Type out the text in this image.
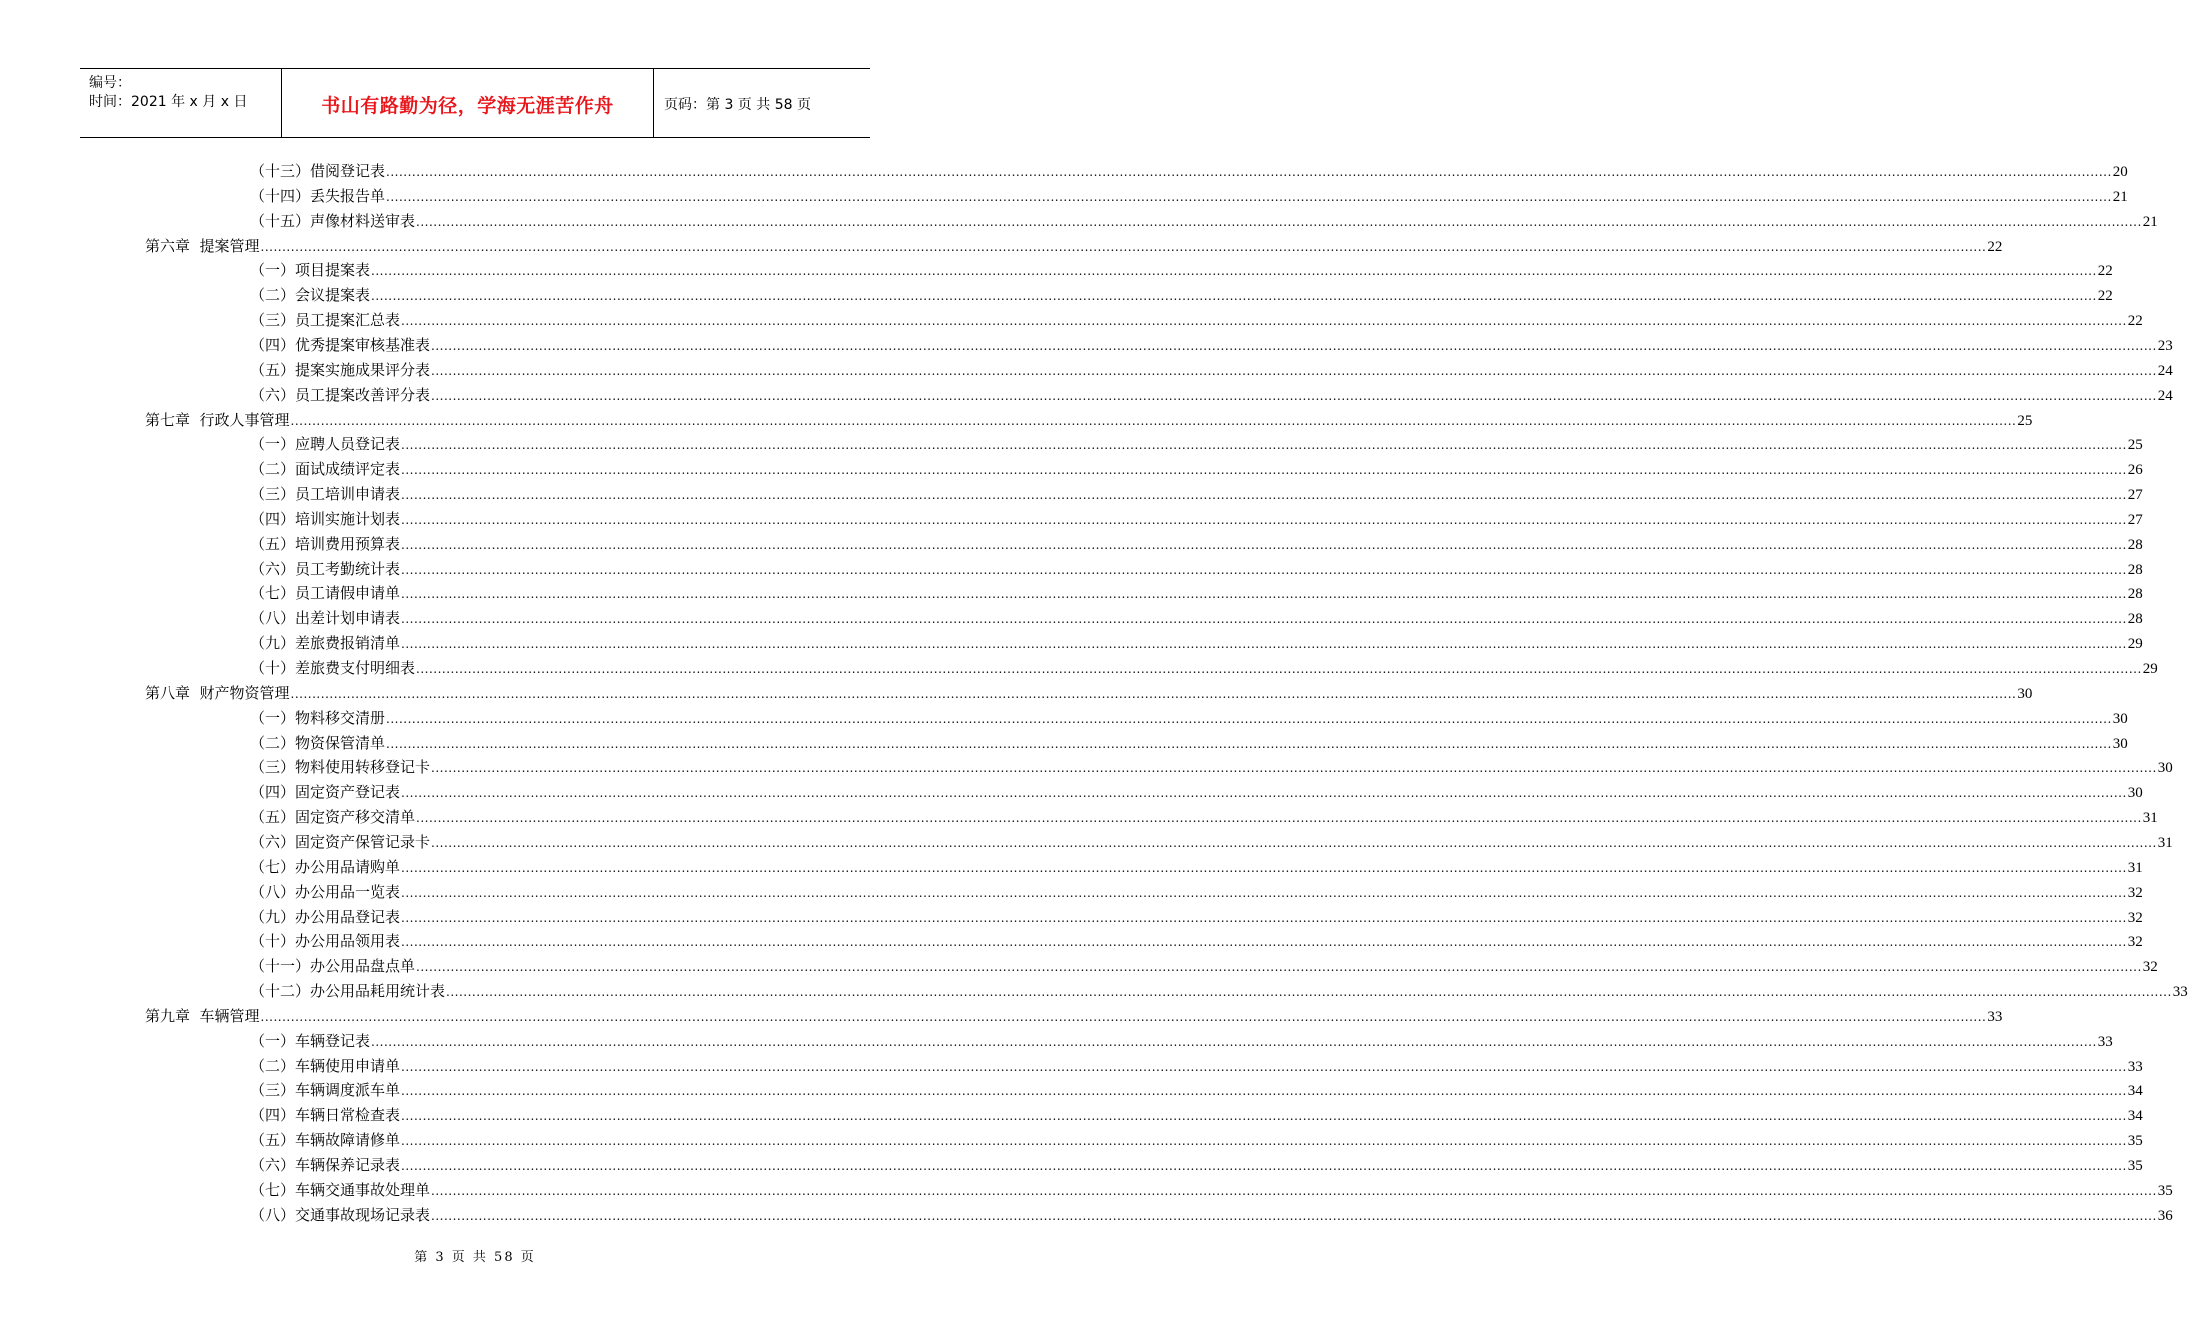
编号：
时间：2021 年 x 月 x 日	书山有路勤为径，学海无涯苦作舟	页码：第 3 页 共 58 页
（十三）借阅登记表 ................................................................................................................................................................................................................................................................................................................................................................................................................ 20
（十四）丢失报告单 ................................................................................................................................................................................................................................................................................................................................................................................................................ 21
（十五）声像材料送审表 ................................................................................................................................................................................................................................................................................................................................................................................................................ 21
第六章  提案管理 ................................................................................................................................................................................................................................................................................................................................................................................................................ 22
（一）项目提案表 ................................................................................................................................................................................................................................................................................................................................................................................................................ 22
（二）会议提案表 ................................................................................................................................................................................................................................................................................................................................................................................................................ 22
（三）员工提案汇总表 ................................................................................................................................................................................................................................................................................................................................................................................................................ 22
（四）优秀提案审核基准表 ................................................................................................................................................................................................................................................................................................................................................................................................................ 23
（五）提案实施成果评分表 ................................................................................................................................................................................................................................................................................................................................................................................................................ 24
（六）员工提案改善评分表 ................................................................................................................................................................................................................................................................................................................................................................................................................ 24
第七章  行政人事管理 ................................................................................................................................................................................................................................................................................................................................................................................................................ 25
（一）应聘人员登记表 ................................................................................................................................................................................................................................................................................................................................................................................................................ 25
（二）面试成绩评定表 ................................................................................................................................................................................................................................................................................................................................................................................................................ 26
（三）员工培训申请表 ................................................................................................................................................................................................................................................................................................................................................................................................................ 27
（四）培训实施计划表 ................................................................................................................................................................................................................................................................................................................................................................................................................ 27
（五）培训费用预算表 ................................................................................................................................................................................................................................................................................................................................................................................................................ 28
（六）员工考勤统计表 ................................................................................................................................................................................................................................................................................................................................................................................................................ 28
（七）员工请假申请单 ................................................................................................................................................................................................................................................................................................................................................................................................................ 28
（八）出差计划申请表 ................................................................................................................................................................................................................................................................................................................................................................................................................ 28
（九）差旅费报销清单 ................................................................................................................................................................................................................................................................................................................................................................................................................ 29
（十）差旅费支付明细表 ................................................................................................................................................................................................................................................................................................................................................................................................................ 29
第八章  财产物资管理 ................................................................................................................................................................................................................................................................................................................................................................................................................ 30
（一）物料移交清册 ................................................................................................................................................................................................................................................................................................................................................................................................................ 30
（二）物资保管清单 ................................................................................................................................................................................................................................................................................................................................................................................................................ 30
（三）物料使用转移登记卡 ................................................................................................................................................................................................................................................................................................................................................................................................................ 30
（四）固定资产登记表 ................................................................................................................................................................................................................................................................................................................................................................................................................ 30
（五）固定资产移交清单 ................................................................................................................................................................................................................................................................................................................................................................................................................ 31
（六）固定资产保管记录卡 ................................................................................................................................................................................................................................................................................................................................................................................................................ 31
（七）办公用品请购单 ................................................................................................................................................................................................................................................................................................................................................................................................................ 31
（八）办公用品一览表 ................................................................................................................................................................................................................................................................................................................................................................................................................ 32
（九）办公用品登记表 ................................................................................................................................................................................................................................................................................................................................................................................................................ 32
（十）办公用品领用表 ................................................................................................................................................................................................................................................................................................................................................................................................................ 32
（十一）办公用品盘点单 ................................................................................................................................................................................................................................................................................................................................................................................................................ 32
（十二）办公用品耗用统计表 ................................................................................................................................................................................................................................................................................................................................................................................................................ 33
第九章  车辆管理 ................................................................................................................................................................................................................................................................................................................................................................................................................ 33
（一）车辆登记表 ................................................................................................................................................................................................................................................................................................................................................................................................................ 33
（二）车辆使用申请单 ................................................................................................................................................................................................................................................................................................................................................................................................................ 33
（三）车辆调度派车单 ................................................................................................................................................................................................................................................................................................................................................................................................................ 34
（四）车辆日常检查表 ................................................................................................................................................................................................................................................................................................................................................................................................................ 34
（五）车辆故障请修单 ................................................................................................................................................................................................................................................................................................................................................................................................................ 35
（六）车辆保养记录表 ................................................................................................................................................................................................................................................................................................................................................................................................................ 35
（七）车辆交通事故处理单 ................................................................................................................................................................................................................................................................................................................................................................................................................ 35
（八）交通事故现场记录表 ................................................................................................................................................................................................................................................................................................................................................................................................................ 36
第 3 页 共 58 页
